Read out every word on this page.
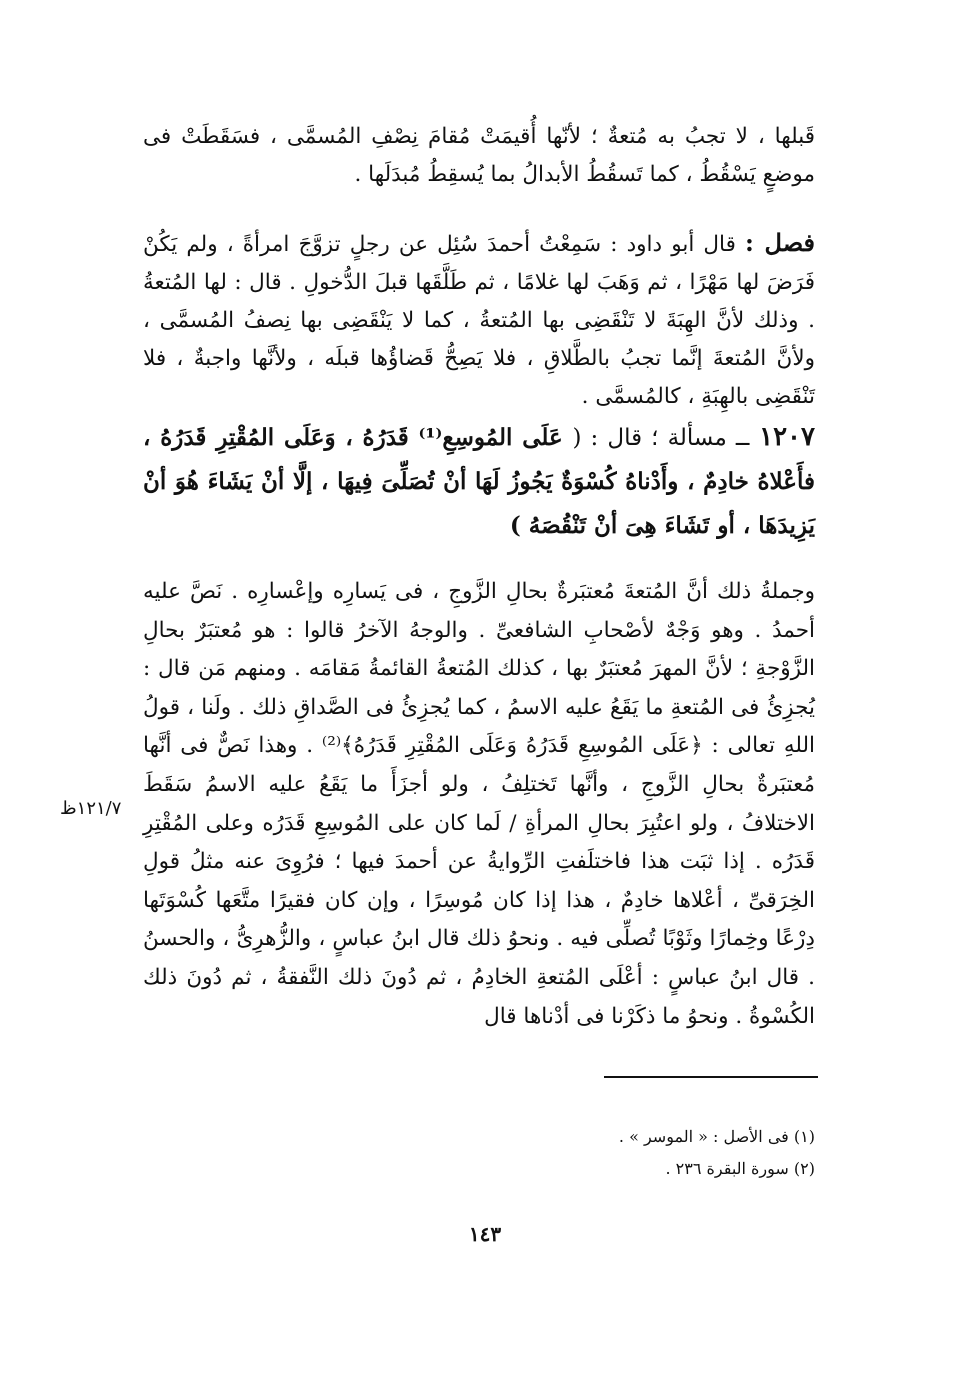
قَبلها ، لا تجبُ به مُتعةٌ ؛ لأنّها أُقيمَتْ مُقامَ نِصْفِ المُسمَّى ، فسَقَطَتْ فى موضعٍ يَسْقُطُ ، كما تَسقُطُ الأبدالُ بما يُسقِطُ مُبدَلَها .

فصل : قال أبو داود : سَمِعْتُ أحمدَ سُئِل عن رجلٍ تزوَّجَ امرأةً ، ولم يَكُنْ فَرَضَ لها مَهْرًا ، ثم وَهَبَ لها غلامًا ، ثم طَلَّقَها قبلَ الدُّخولِ . قال : لها المُتعةُ . وذلك لأنَّ الهِبَةَ لا تَنْقَضِى بها المُتعةُ ، كما لا يَنْقَضِى بها نِصفُ المُسمَّى ، ولأنَّ المُتعةَ إنَّما تجبُ بالطَّلاقِ ، فلا يَصِحُّ قَضاؤُها قبلَه ، ولأنَّها واجبةٌ ، فلا تَنْقَضِى بالهِبَةِ ، كالمُسمَّى .

١٢٠٧ ــ مسألة ؛ قال : ( عَلَى المُوسِعِ⁽¹⁾ قَدَرُهُ ، وَعَلَى المُقْتِرِ قَدَرُهُ ، فأَعْلاهُ خادِمٌ ، وأَدْناهُ كُسْوَةٌ يَجُوزُ لَهَا أنْ تُصَلِّىَ فِيهَا ، إلَّا أنْ يَشَاءَ هُوَ أنْ يَزِيدَهَا ، أو تَشَاءَ هِىَ أنْ تَنْقُصَهُ )

وجملةُ ذلك أنَّ المُتعةَ مُعتبَرةٌ بحالِ الزَّوجِ ، فى يَسارِه وإعْسارِه . نَصَّ عليه أحمدُ . وهو وَجْهٌ لأصْحابِ الشافعىِّ . والوجهُ الآخرُ قالوا : هو مُعتبَرٌ بحالِ الزَّوْجةِ ؛ لأنَّ المهرَ مُعتبَرٌ بها ، كذلك المُتعةُ القائمةُ مَقامَه . ومنهم مَن قال : يُجزِئُ فى المُتعةِ ما يَقَعُ عليه الاسمُ ، كما يُجزِئُ فى الصَّداقِ ذلك . ولَنا ، قولُ اللهِ تعالى : ﴿عَلَى المُوسِعِ قَدَرُهُ وَعَلَى المُقْتِرِ قَدَرُهُ﴾⁽²⁾ . وهذا نَصٌّ فى أنَّها مُعتبَرةٌ بحالِ الزَّوجِ ، وأنَّها تَختلِفُ ، ولو أجزَأَ ما يَقَعُ عليه الاسمُ سَقَطَ الاختلافُ ، ولو اعتُبِرَ بحالِ المرأةِ / لَما كان على المُوسِعِ قَدَرُه وعلى المُقْتِرِ قَدَرُه . إذا ثبَت هذا فاختلَفتِ الرِّوايةُ عن أحمدَ فيها ؛ فرُوِىَ عنه مثلُ قولِ الخِرَقىِّ ، أعْلاها خادِمٌ ، هذا إذا كان مُوسِرًا ، وإن كان فقيرًا متَّعَها كُسْوَتَها دِرْعًا وخِمارًا وثَوْبًا تُصلِّى فيه . ونحوُ ذلك قال ابنُ عباسٍ ، والزُّهرِىُّ ، والحسنُ . قال ابنُ عباسٍ : أعْلَى المُتعةِ الخادِمُ ، ثم دُونَ ذلك النَّفقةُ ، ثم دُونَ ذلك الكُسْوةُ . ونحوُ ما ذكَرْنا فى أدْناها قال

١٢١/٧ظ
(١) فى الأصل : « الموسر » .
(٢) سورة البقرة ٢٣٦ .
١٤٣
